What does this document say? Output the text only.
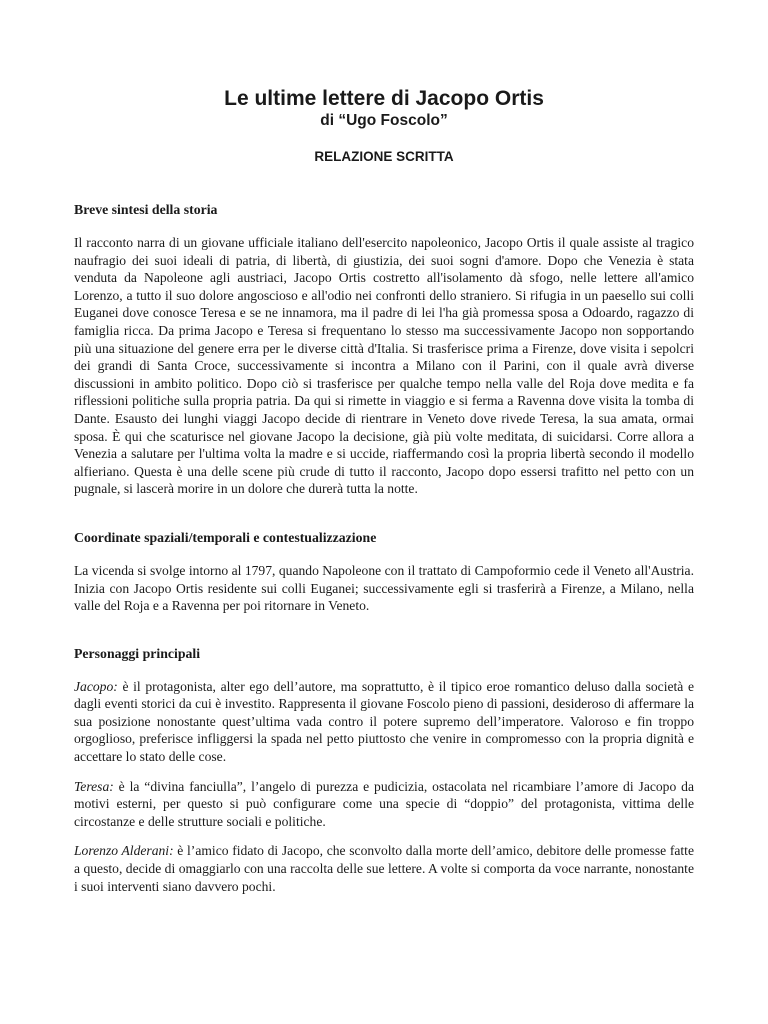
Le ultime lettere di Jacopo Ortis
di “Ugo Foscolo”
RELAZIONE SCRITTA
Breve sintesi della storia

Il racconto narra di un giovane ufficiale italiano dell'esercito napoleonico, Jacopo Ortis il quale assiste al tragico naufragio dei suoi ideali di patria, di libertà, di giustizia, dei suoi sogni d'amore. Dopo che Venezia è stata venduta da Napoleone agli austriaci, Jacopo Ortis costretto all'isolamento dà sfogo, nelle lettere all'amico Lorenzo, a tutto il suo dolore angoscioso e all'odio nei confronti dello straniero. Si rifugia in un paesello sui colli Euganei dove conosce Teresa e se ne innamora, ma il padre di lei l'ha già promessa sposa a Odoardo, ragazzo di famiglia ricca. Da prima Jacopo e Teresa si frequentano lo stesso ma successivamente Jacopo non sopportando più una situazione del genere erra per le diverse città d'Italia. Si trasferisce prima a Firenze, dove visita i sepolcri dei grandi di Santa Croce, successivamente si incontra a Milano con il Parini, con il quale avrà diverse discussioni in ambito politico. Dopo ciò si trasferisce per qualche tempo nella valle del Roja dove medita e fa riflessioni politiche sulla propria patria. Da qui si rimette in viaggio e si ferma a Ravenna dove visita la tomba di Dante. Esausto dei lunghi viaggi Jacopo decide di rientrare in Veneto dove rivede Teresa, la sua amata, ormai sposa. È qui che scaturisce nel giovane Jacopo la decisione, già più volte meditata, di suicidarsi. Corre allora a Venezia a salutare per l'ultima volta la madre e si uccide, riaffermando così la propria libertà secondo il modello alfieriano. Questa è una delle scene più crude di tutto il racconto, Jacopo dopo essersi trafitto nel petto con un pugnale, si lascerà morire in un dolore che durerà tutta la notte.

Coordinate spaziali/temporali e contestualizzazione

La vicenda si svolge intorno al 1797, quando Napoleone con il trattato di Campoformio cede il Veneto all'Austria. Inizia con Jacopo Ortis residente sui colli Euganei; successivamente egli si trasferirà a Firenze, a Milano, nella valle del Roja e a Ravenna per poi ritornare in Veneto.

Personaggi principali

Jacopo: è il protagonista, alter ego dell’autore, ma soprattutto, è il tipico eroe romantico deluso dalla società e dagli eventi storici da cui è investito. Rappresenta il giovane Foscolo pieno di passioni, desideroso di affermare la sua posizione nonostante quest’ultima vada contro il potere supremo dell’imperatore. Valoroso e fin troppo orgoglioso, preferisce infliggersi la spada nel petto piuttosto che venire in compromesso con la propria dignità e accettare lo stato delle cose.

Teresa: è la “divina fanciulla”, l’angelo di purezza e pudicizia, ostacolata nel ricambiare l’amore di Jacopo da motivi esterni, per questo si può configurare come una specie di “doppio” del protagonista, vittima delle circostanze e delle strutture sociali e politiche.

Lorenzo Alderani: è l’amico fidato di Jacopo, che sconvolto dalla morte dell’amico, debitore delle promesse fatte a questo, decide di omaggiarlo con una raccolta delle sue lettere. A volte si comporta da voce narrante, nonostante i suoi interventi siano davvero pochi.
